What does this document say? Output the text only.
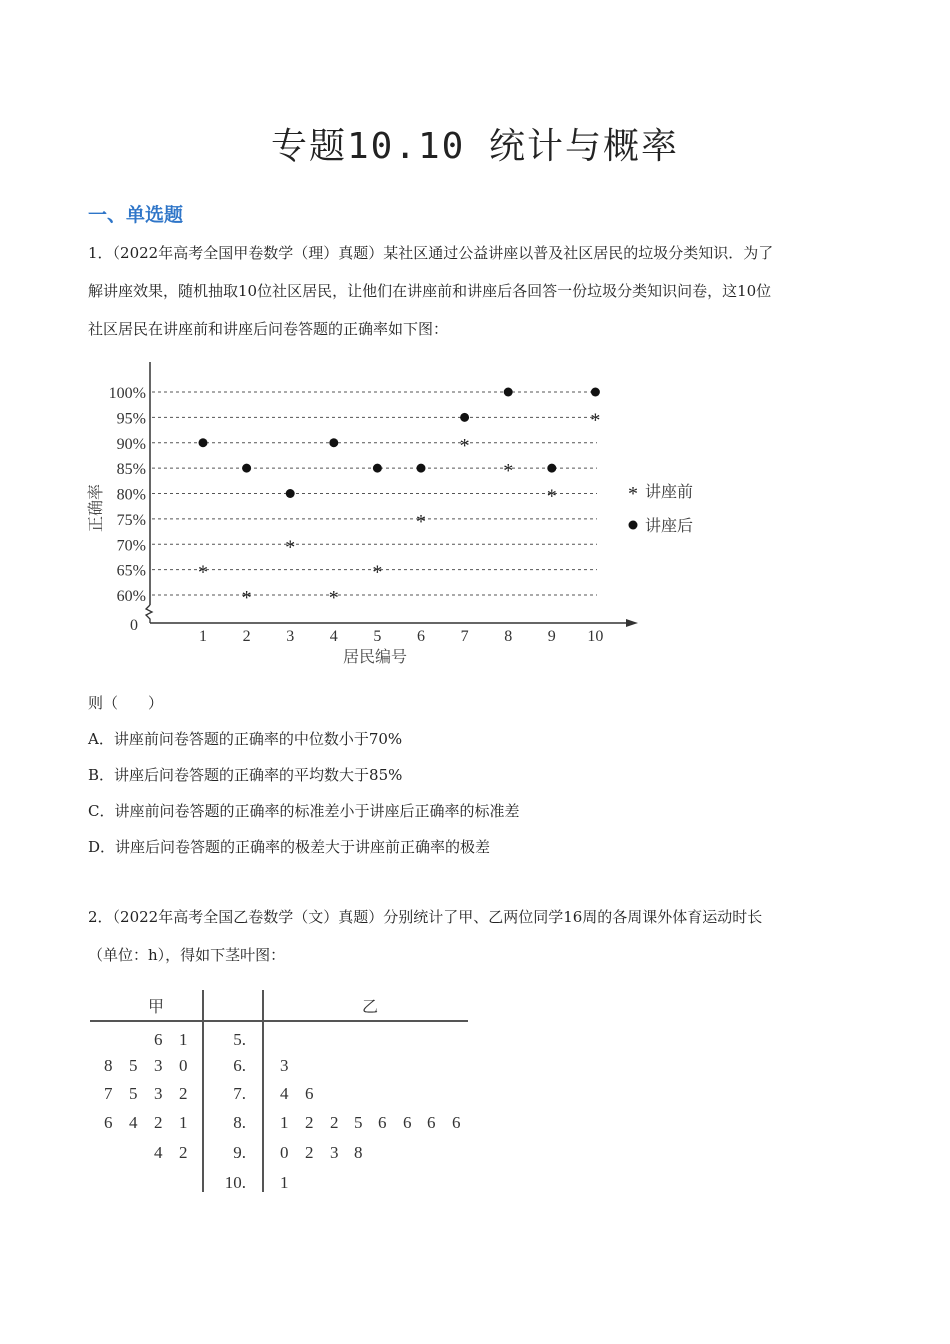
专题10.10 统计与概率
一、单选题
1．（2022年高考全国甲卷数学（理）真题）某社区通过公益讲座以普及社区居民的垃圾分类知识．为了
解讲座效果，随机抽取10位社区居民，让他们在讲座前和讲座后各回答一份垃圾分类知识问卷，这10位
社区居民在讲座前和讲座后问卷答题的正确率如下图：
100%
95%
90%
85%
80%
75%
70%
65%
60%
0
1 2 3 4 5 6 7 8 9 10
居民编号
正确率
*
*
*
*
*
*
*
*
*
*
* 讲座前
讲座后
则（　　）
A．讲座前问卷答题的正确率的中位数小于70%
B．讲座后问卷答题的正确率的平均数大于85%
C．讲座前问卷答题的正确率的标准差小于讲座后正确率的标准差
D．讲座后问卷答题的正确率的极差大于讲座前正确率的极差
2．（2022年高考全国乙卷数学（文）真题）分别统计了甲、乙两位同学16周的各周课外体育运动时长
（单位：h），得如下茎叶图：
甲	乙
6 1	5.
8 5 3 0	6. 3
7 5 3 2	7. 4 6
6 4 2 1	8. 1 2 2 5 6 6 6 6
4 2	9. 0 2 3 8
10. 1
